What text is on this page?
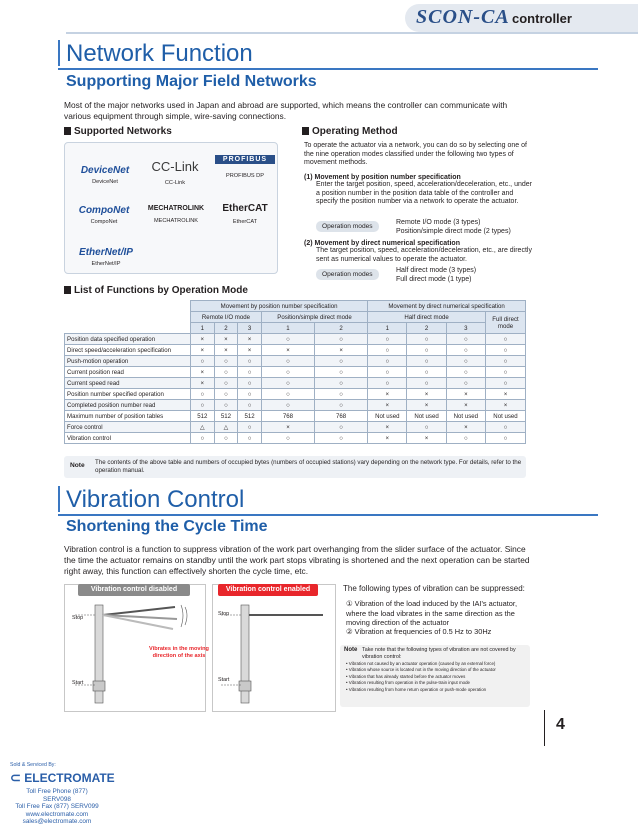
SCON-CA controller
Network Function
Supporting Major Field Networks
Most of the major networks used in Japan and abroad are supported, which means the controller can communicate with various equipment through simple, wire-saving connections.
Supported Networks
DeviceNet
DeviceNet
CC-Link
CC-Link
PROFIBUS
PROFIBUS DP
CompoNet
CompoNet
MECHATROLINK
MECHATROLINK
EtherCAT
EtherCAT
EtherNet/IP
EtherNet/IP
Operating Method
To operate the actuator via a network, you can do so by selecting one of the nine operation modes classified under the following two types of movement methods.
(1) Movement by position number specification
Enter the target position, speed, acceleration/deceleration, etc., under a position number in the position data table of the controller and specify the position number via a network to operate the actuator.
Operation modes
Remote I/O mode (3 types)
Position/simple direct mode (2 types)
(2) Movement by direct numerical specification
The target position, speed, acceleration/deceleration, etc., are directly sent as numerical values to operate the actuator.
Operation modes
Half direct mode (3 types)
Full direct mode (1 type)
List of Functions by Operation Mode
	Movement by position number specification					Movement by direct numerical specification			
	Remote I/O mode			Position/simple direct mode		Half direct mode			Full direct mode
	1	2	3	1	2	1	2	3	
Position data specified operation	×	×	×	○	○	○	○	○	○
Direct speed/acceleration specification	×	×	×	×	×	○	○	○	○
Push-motion operation	○	○	○	○	○	○	○	○	○
Current position read	×	○	○	○	○	○	○	○	○
Current speed read	×	○	○	○	○	○	○	○	○
Position number specified operation	○	○	○	○	○	×	×	×	×
Completed position number read	○	○	○	○	○	×	×	×	×
Maximum number of position tables	512	512	512	768	768	Not used	Not used	Not used	Not used
Force control	△	△	○	×	○	×	○	×	○
Vibration control	○	○	○	○	○	×	×	○	○
Note The contents of the above table and numbers of occupied bytes (numbers of occupied stations) vary depending on the network type. For details, refer to the operation manual.
Vibration Control
Shortening the Cycle Time
Vibration control is a function to suppress vibration of the work part overhanging from the slider surface of the actuator. Since the time the actuator remains on standby until the work part stops vibrating is shortened and the next operation can be started right away, this function can effectively shorten the cycle time, etc.
Vibration control disabled
Stop
Start
Vibrates in the moving direction of the axis
Vibration control enabled
Stop
Start
The following types of vibration can be suppressed:
① Vibration of the load induced by the IAI's actuator, where the load vibrates in the same direction as the moving direction of the actuator
② Vibration at frequencies of 0.5 Hz to 30Hz
Note Take note that the following types of vibration are not covered by vibration control:
• Vibration not caused by an actuator operation (caused by an external force)
• Vibration whose source is located not in the moving direction of the actuator
• Vibration that has already started before the actuator moves
• Vibration resulting from operation in the pulse-train input mode
• Vibration resulting from home return operation or push-mode operation
4
Sold & Serviced By:
⊂ ELECTROMATE
Toll Free Phone (877) SERV098
Toll Free Fax (877) SERV099
www.electromate.com
sales@electromate.com
